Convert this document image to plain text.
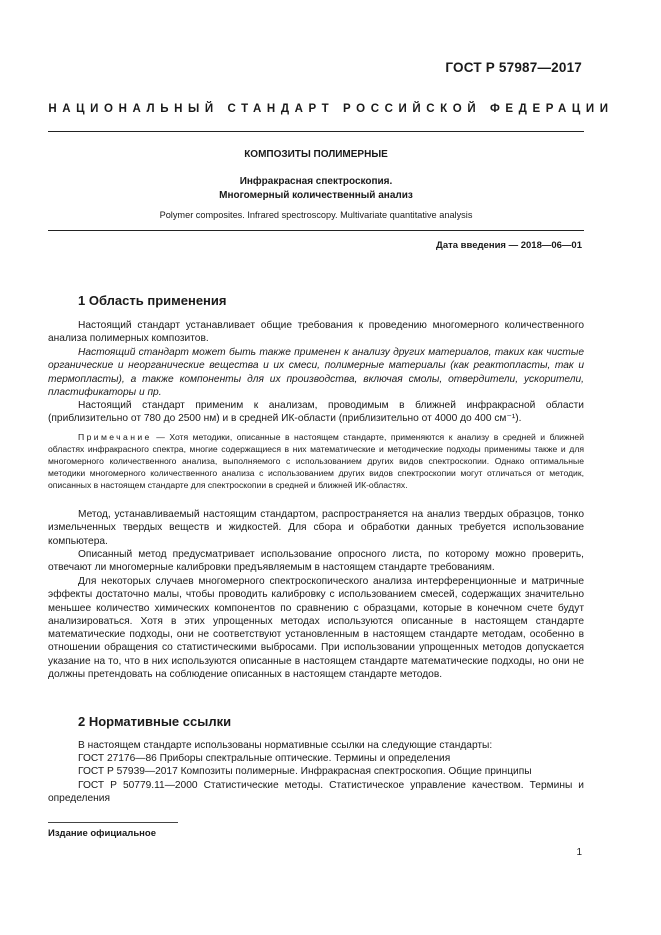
ГОСТ Р 57987—2017
НАЦИОНАЛЬНЫЙ СТАНДАРТ РОССИЙСКОЙ ФЕДЕРАЦИИ
КОМПОЗИТЫ ПОЛИМЕРНЫЕ
Инфракрасная спектроскопия.
Многомерный количественный анализ
Polymer composites. Infrared spectroscopy. Multivariate quantitative analysis
Дата введения — 2018—06—01
1 Область применения
Настоящий стандарт устанавливает общие требования к проведению многомерного количественного анализа полимерных композитов.
Настоящий стандарт может быть также применен к анализу других материалов, таких как чистые органические и неорганические вещества и их смеси, полимерные материалы (как реактопласты, так и термопласты), а также компоненты для их производства, включая смолы, отвердители, ускорители, пластификаторы и пр.
Настоящий стандарт применим к анализам, проводимым в ближней инфракрасной области (приблизительно от 780 до 2500 нм) и в средней ИК-области (приблизительно от 4000 до 400 см⁻¹).
Примечание — Хотя методики, описанные в настоящем стандарте, применяются к анализу в средней и ближней областях инфракрасного спектра, многие содержащиеся в них математические и методические подходы применимы также и для многомерного количественного анализа, выполняемого с использованием других видов спектроскопии. Однако оптимальные методики многомерного количественного анализа с использованием других видов спектроскопии могут отличаться от методик, описанных в настоящем стандарте для спектроскопии в средней и ближней ИК-областях.
Метод, устанавливаемый настоящим стандартом, распространяется на анализ твердых образцов, тонко измельченных твердых веществ и жидкостей. Для сбора и обработки данных требуется использование компьютера.
Описанный метод предусматривает использование опросного листа, по которому можно проверить, отвечают ли многомерные калибровки предъявляемым в настоящем стандарте требованиям.
Для некоторых случаев многомерного спектроскопического анализа интерференционные и матричные эффекты достаточно малы, чтобы проводить калибровку с использованием смесей, содержащих значительно меньшее количество химических компонентов по сравнению с образцами, которые в конечном счете будут анализироваться. Хотя в этих упрощенных методах используются описанные в настоящем стандарте математические подходы, они не соответствуют установленным в настоящем стандарте методам, особенно в отношении обращения со статистическими выбросами. При использовании упрощенных методов допускается указание на то, что в них используются описанные в настоящем стандарте математические подходы, но они не должны претендовать на соблюдение описанных в настоящем стандарте методов.
2 Нормативные ссылки
В настоящем стандарте использованы нормативные ссылки на следующие стандарты:
ГОСТ 27176—86 Приборы спектральные оптические. Термины и определения
ГОСТ Р 57939—2017 Композиты полимерные. Инфракрасная спектроскопия. Общие принципы
ГОСТ Р 50779.11—2000 Статистические методы. Статистическое управление качеством. Термины и определения
Издание официальное
1
